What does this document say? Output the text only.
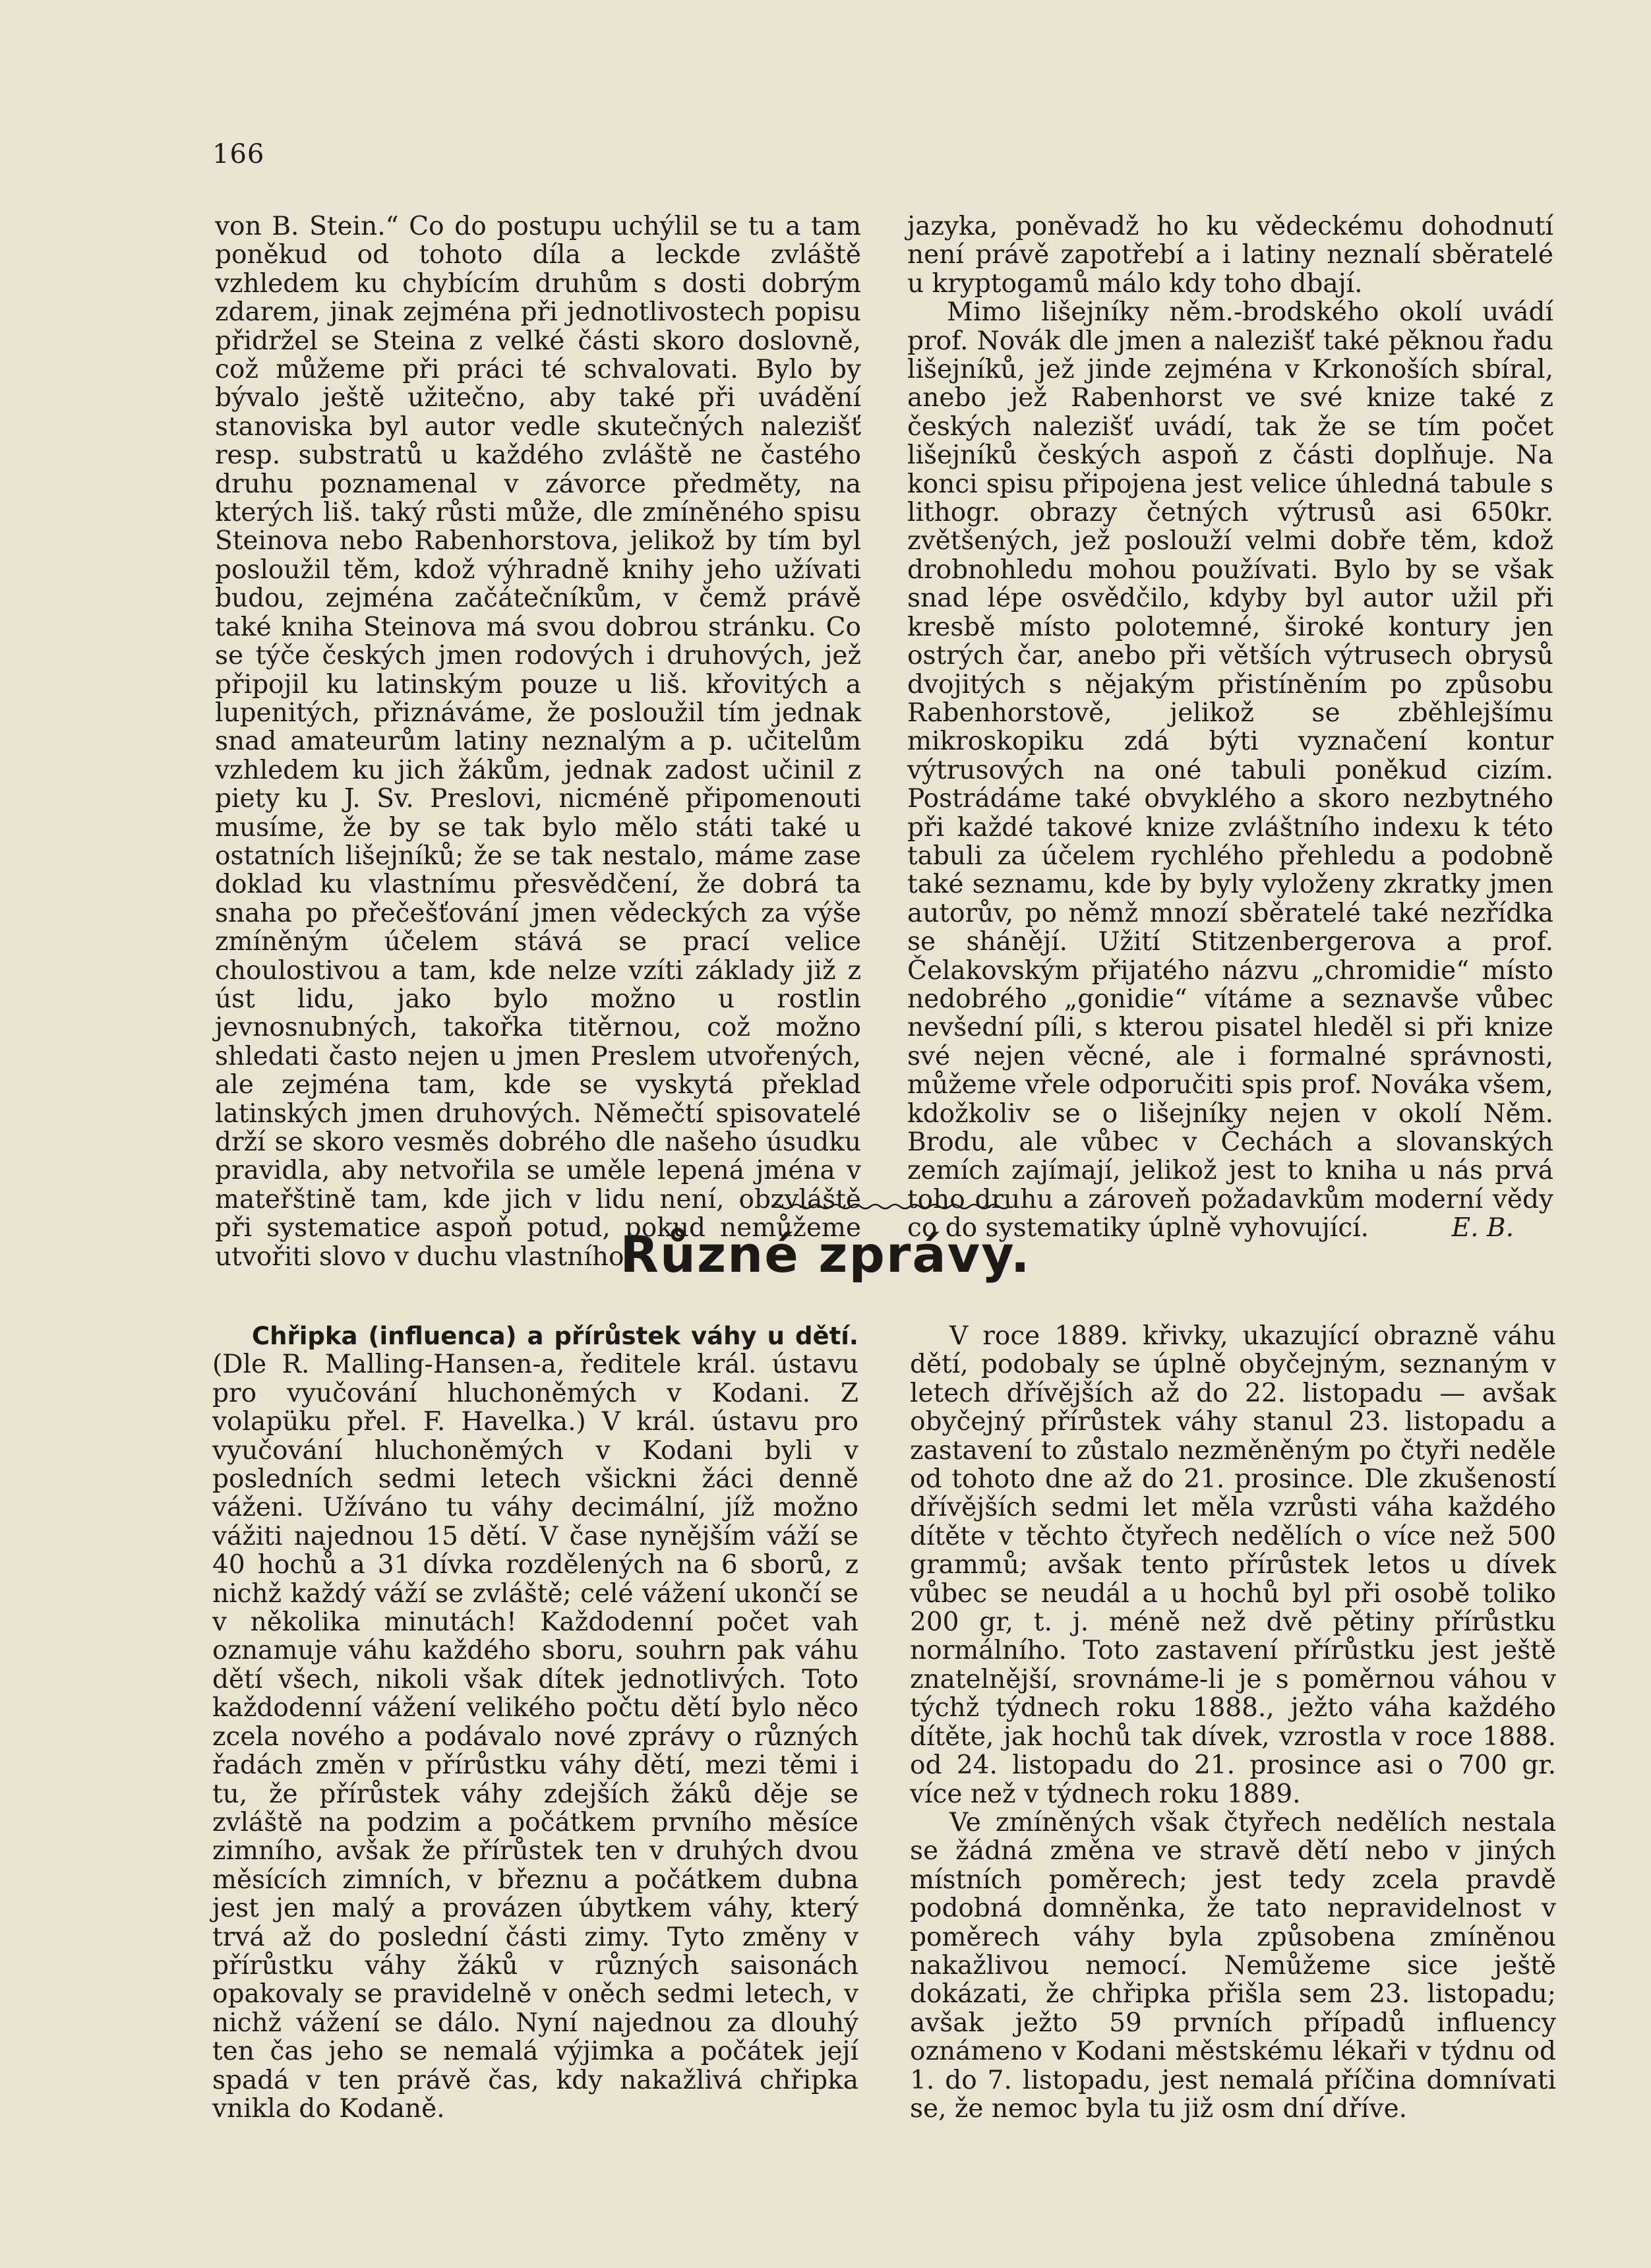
166

von B. Stein.“ Co do postupu uchýlil se tu a tam poněkud od tohoto díla a leckde zvláště vzhledem ku chybícím druhům s dosti dobrým zdarem, jinak zejména při jednotlivostech popisu přidržel se Steina z velké části skoro doslovně, což můžeme při práci té schvalovati. Bylo by bývalo ještě užitečno, aby také při uvádění stanoviska byl autor vedle skutečných nalezišť resp. substratů u každého zvláště ne častého druhu poznamenal v závorce předměty, na kterých liš. taký růsti může, dle zmíněného spisu Steinova nebo Rabenhorstova, jelikož by tím byl posloužil těm, kdož výhradně knihy jeho užívati budou, zejména začátečníkům, v čemž právě také kniha Steinova má svou dobrou stránku. Co se týče českých jmen rodových i druhových, jež připojil ku latinským pouze u liš. křovitých a lupenitých, přiznáváme, že posloužil tím jednak snad amateurům latiny neznalým a p. učitelům vzhledem ku jich žákům, jednak zadost učinil z piety ku J. Sv. Preslovi, nicméně připomenouti musíme, že by se tak bylo mělo státi také u ostatních lišejníků; že se tak nestalo, máme zase doklad ku vlastnímu přesvědčení, že dobrá ta snaha po přečešťování jmen vědeckých za výše zmíněným účelem stává se prací velice choulostivou a tam, kde nelze vzíti základy již z úst lidu, jako bylo možno u rostlin jevnosnubných, takořka titěrnou, což možno shledati často nejen u jmen Preslem utvořených, ale zejména tam, kde se vyskytá překlad latinských jmen druhových. Němečtí spisovatelé drží se skoro vesměs dobrého dle našeho úsudku pravidla, aby netvořila se uměle lepená jména v mateřštině tam, kde jich v lidu není, obzvláště při systematice aspoň potud, pokud nemůžeme utvořiti slovo v duchu vlastního

jazyka, poněvadž ho ku vědeckému dohodnutí není právě zapotřebí a i latiny neznalí sběratelé u kryptogamů málo kdy toho dbají.

Mimo lišejníky něm.-brodského okolí uvádí prof. Novák dle jmen a nalezišť také pěknou řadu lišejníků, jež jinde zejména v Krkonoších sbíral, anebo jež Rabenhorst ve své knize také z českých nalezišť uvádí, tak že se tím počet lišejníků českých aspoň z části doplňuje. Na konci spisu připojena jest velice úhledná tabule s lithogr. obrazy četných výtrusů asi 650kr. zvětšených, jež poslouží velmi dobře těm, kdož drobnohledu mohou používati. Bylo by se však snad lépe osvědčilo, kdyby byl autor užil při kresbě místo polotemné, široké kontury jen ostrých čar, anebo při větších výtrusech obrysů dvojitých s nějakým přistíněním po způsobu Rabenhorstově, jelikož se zběhlejšímu mikroskopiku zdá býti vyznačení kontur výtrusových na oné tabuli poněkud cizím. Postrádáme také obvyklého a skoro nezbytného při každé takové knize zvláštního indexu k této tabuli za účelem rychlého přehledu a podobně také seznamu, kde by byly vyloženy zkratky jmen autorův, po němž mnozí sběratelé také nezřídka se shánějí. Užití Stitzenbergerova a prof. Čelakovským přijatého názvu „chromidie“ místo nedobrého „gonidie“ vítáme a seznavše vůbec nevšední píli, s kterou pisatel hleděl si při knize své nejen věcné, ale i formalné správnosti, můžeme vřele odporučiti spis prof. Nováka všem, kdožkoliv se o lišejníky nejen v okolí Něm. Brodu, ale vůbec v Čechách a slovanských zemích zajímají, jelikož jest to kniha u nás prvá toho druhu a zároveň požadavkům moderní vědy co do systematiky úplně vyhovující.	E. B.

Různé zprávy.

Chřipka (influenca) a přírůstek váhy u dětí. (Dle R. Malling-Hansen-a, ředitele král. ústavu pro vyučování hluchoněmých v Kodani. Z volapüku přel. F. Havelka.) V král. ústavu pro vyučování hluchoněmých v Kodani byli v posledních sedmi letech všickni žáci denně váženi. Užíváno tu váhy decimální, jíž možno vážiti najednou 15 dětí. V čase nynějším váží se 40 hochů a 31 dívka rozdělených na 6 sborů, z nichž každý váží se zvláště; celé vážení ukončí se v několika minutách! Každodenní počet vah oznamuje váhu každého sboru, souhrn pak váhu dětí všech, nikoli však dítek jednotlivých. Toto každodenní vážení velikého počtu dětí bylo něco zcela nového a podávalo nové zprávy o různých řadách změn v přírůstku váhy dětí, mezi těmi i tu, že přírůstek váhy zdejších žáků děje se zvláště na podzim a počátkem prvního měsíce zimního, avšak že přírůstek ten v druhých dvou měsících zimních, v březnu a počátkem dubna jest jen malý a provázen úbytkem váhy, který trvá až do poslední části zimy. Tyto změny v přírůstku váhy žáků v různých saisonách opakovaly se pravidelně v oněch sedmi letech, v nichž vážení se dálo. Nyní najednou za dlouhý ten čas jeho se nemalá výjimka a počátek její spadá v ten právě čas, kdy nakažlivá chřipka vnikla do Kodaně.

V roce 1889. křivky, ukazující obrazně váhu dětí, podobaly se úplně obyčejným, seznaným v letech dřívějších až do 22. listopadu — avšak obyčejný přírůstek váhy stanul 23. listopadu a zastavení to zůstalo nezměněným po čtyři neděle od tohoto dne až do 21. prosince. Dle zkušeností dřívějších sedmi let měla vzrůsti váha každého dítěte v těchto čtyřech nedělích o více než 500 grammů; avšak tento přírůstek letos u dívek vůbec se neudál a u hochů byl při osobě toliko 200 gr, t. j. méně než dvě pětiny přírůstku normálního. Toto zastavení přírůstku jest ještě znatelnější, srovnáme-li je s poměrnou váhou v týchž týdnech roku 1888., ježto váha každého dítěte, jak hochů tak dívek, vzrostla v roce 1888. od 24. listopadu do 21. prosince asi o 700 gr. více než v týdnech roku 1889.

Ve zmíněných však čtyřech nedělích nestala se žádná změna ve stravě dětí nebo v jiných místních poměrech; jest tedy zcela pravdě podobná domněnka, že tato nepravidelnost v poměrech váhy byla způsobena zmíněnou nakažlivou nemocí. Nemůžeme sice ještě dokázati, že chřipka přišla sem 23. listopadu; avšak ježto 59 prvních případů influency oznámeno v Kodani městskému lékaři v týdnu od 1. do 7. listopadu, jest nemalá příčina domnívati se, že nemoc byla tu již osm dní dříve.
